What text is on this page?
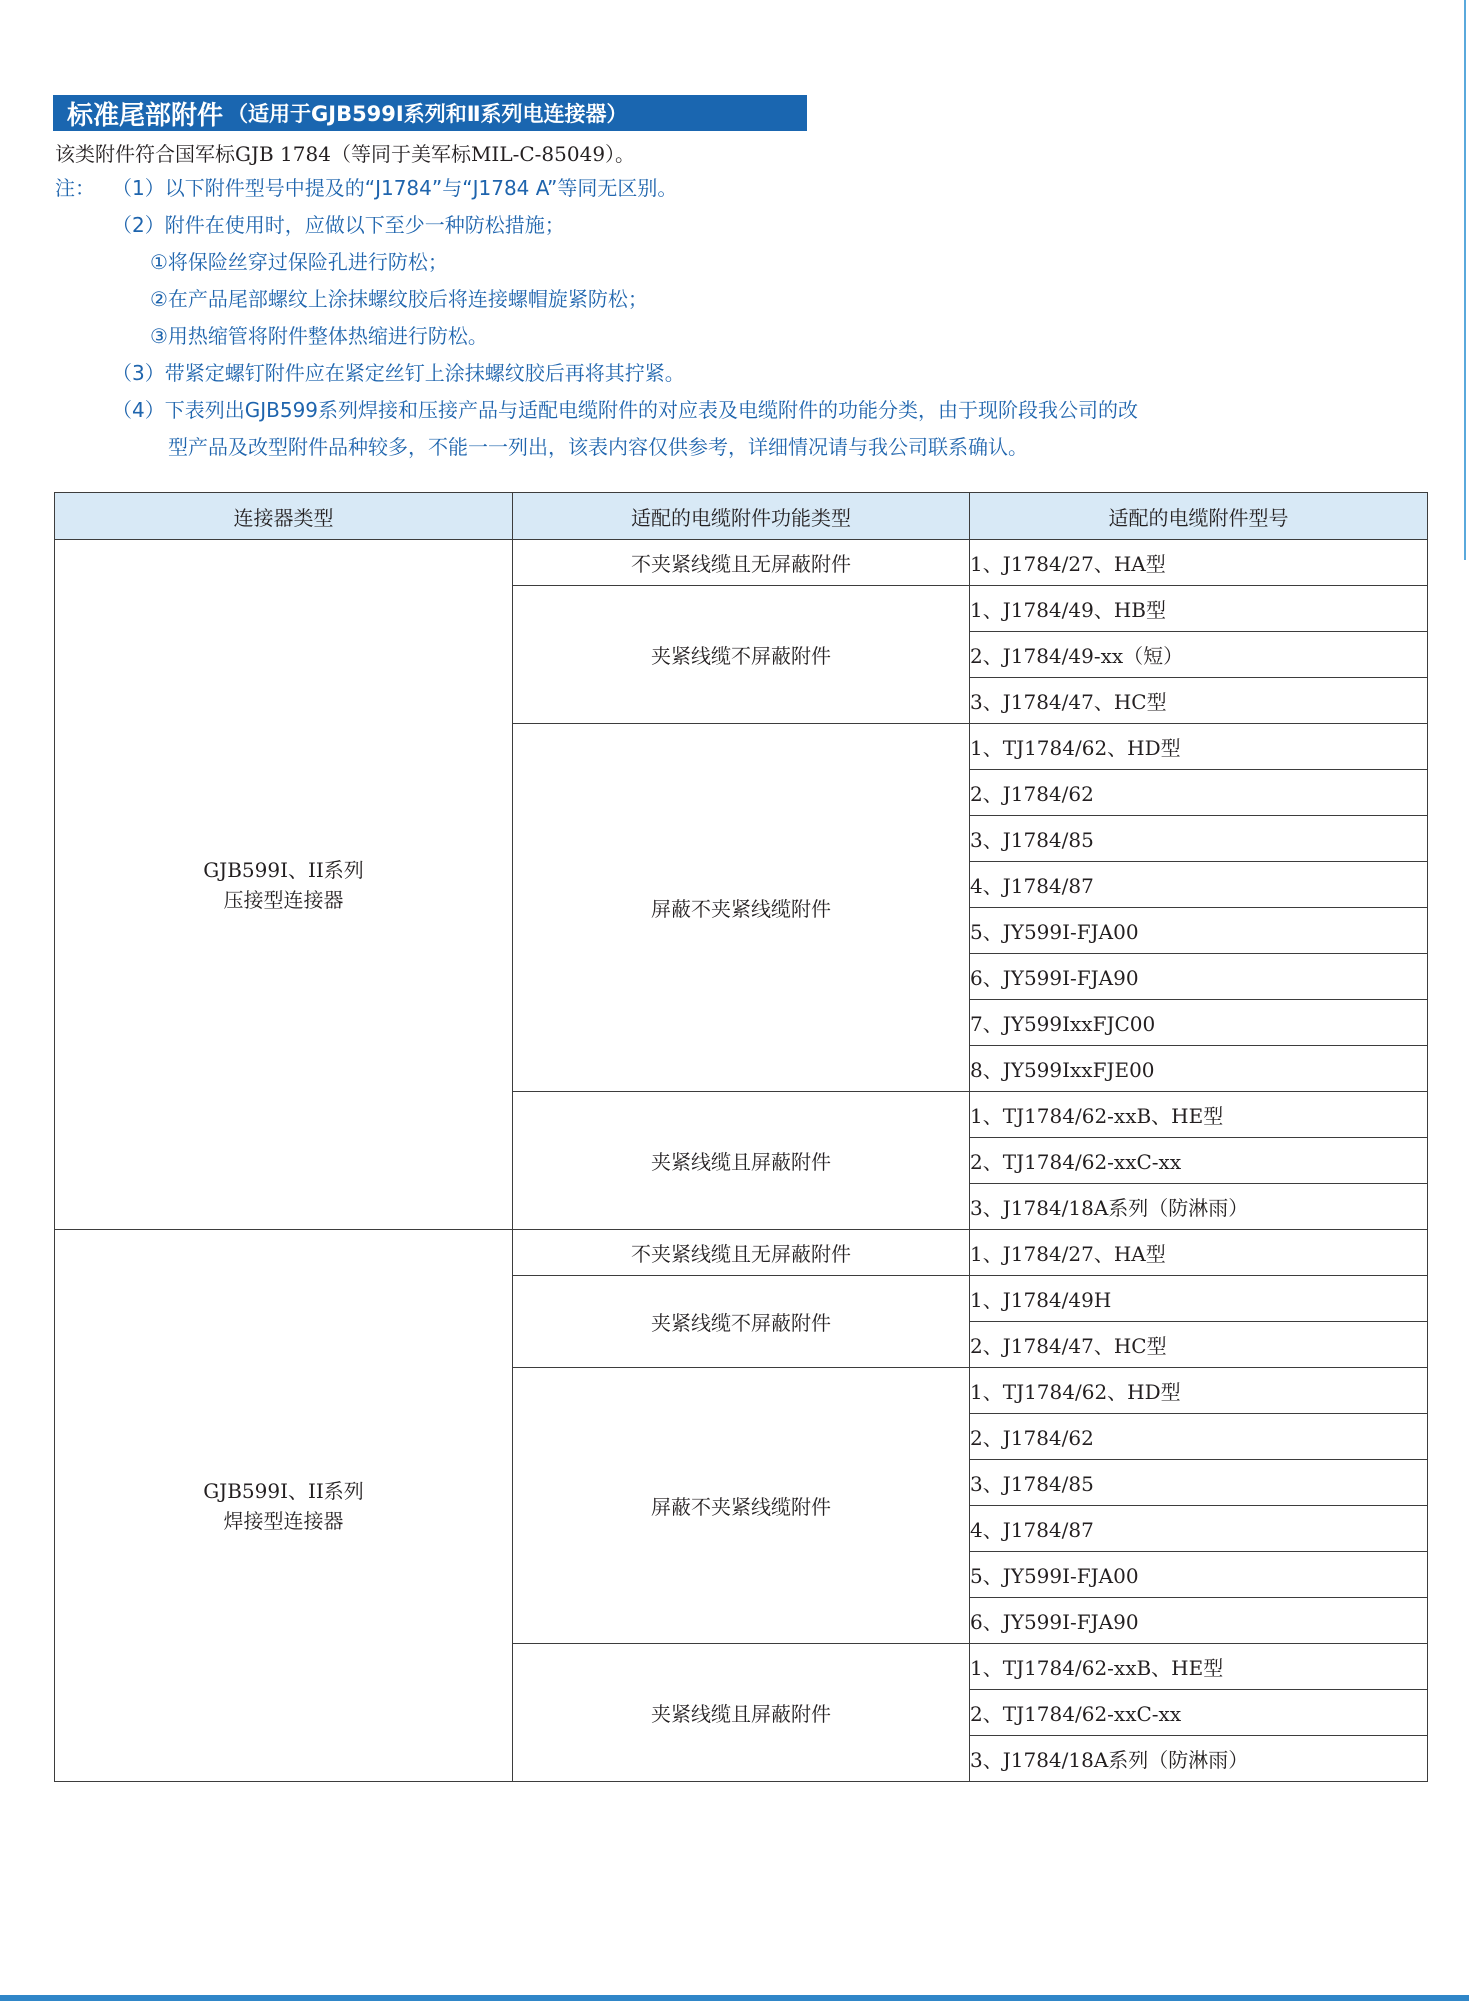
标准尾部附件 （适用于GJB599Ⅰ系列和Ⅱ系列电连接器）
该类附件符合国军标GJB 1784（等同于美军标MIL-C-85049）。
注： （1）以下附件型号中提及的“J1784”与“J1784 A”等同无区别。
（2）附件在使用时，应做以下至少一种防松措施；
①将保险丝穿过保险孔进行防松；
②在产品尾部螺纹上涂抹螺纹胶后将连接螺帽旋紧防松；
③用热缩管将附件整体热缩进行防松。
（3）带紧定螺钉附件应在紧定丝钉上涂抹螺纹胶后再将其拧紧。
（4）下表列出GJB599系列焊接和压接产品与适配电缆附件的对应表及电缆附件的功能分类，由于现阶段我公司的改
型产品及改型附件品种较多，不能一一列出，该表内容仅供参考，详细情况请与我公司联系确认。
连接器类型	适配的电缆附件功能类型	适配的电缆附件型号

GJB599I、II系列
压接型连接器	不夹紧线缆且无屏蔽附件	1、J1784/27、HA型
	夹紧线缆不屏蔽附件	1、J1784/49、HB型
		2、J1784/49-xx（短）
		3、J1784/47、HC型
	屏蔽不夹紧线缆附件	1、TJ1784/62、HD型
		2、J1784/62
		3、J1784/85
		4、J1784/87
		5、JY599Ⅰ-FJA00
		6、JY599Ⅰ-FJA90
		7、JY599ⅠxxFJC00
		8、JY599ⅠxxFJE00
	夹紧线缆且屏蔽附件	1、TJ1784/62-xxB、HE型
		2、TJ1784/62-xxC-xx
		3、J1784/18A系列（防淋雨）

GJB599I、II系列
焊接型连接器	不夹紧线缆且无屏蔽附件	1、J1784/27、HA型
	夹紧线缆不屏蔽附件	1、J1784/49H
		2、J1784/47、HC型
	屏蔽不夹紧线缆附件	1、TJ1784/62、HD型
		2、J1784/62
		3、J1784/85
		4、J1784/87
		5、JY599Ⅰ-FJA00
		6、JY599Ⅰ-FJA90
	夹紧线缆且屏蔽附件	1、TJ1784/62-xxB、HE型
		2、TJ1784/62-xxC-xx
		3、J1784/18A系列（防淋雨）
